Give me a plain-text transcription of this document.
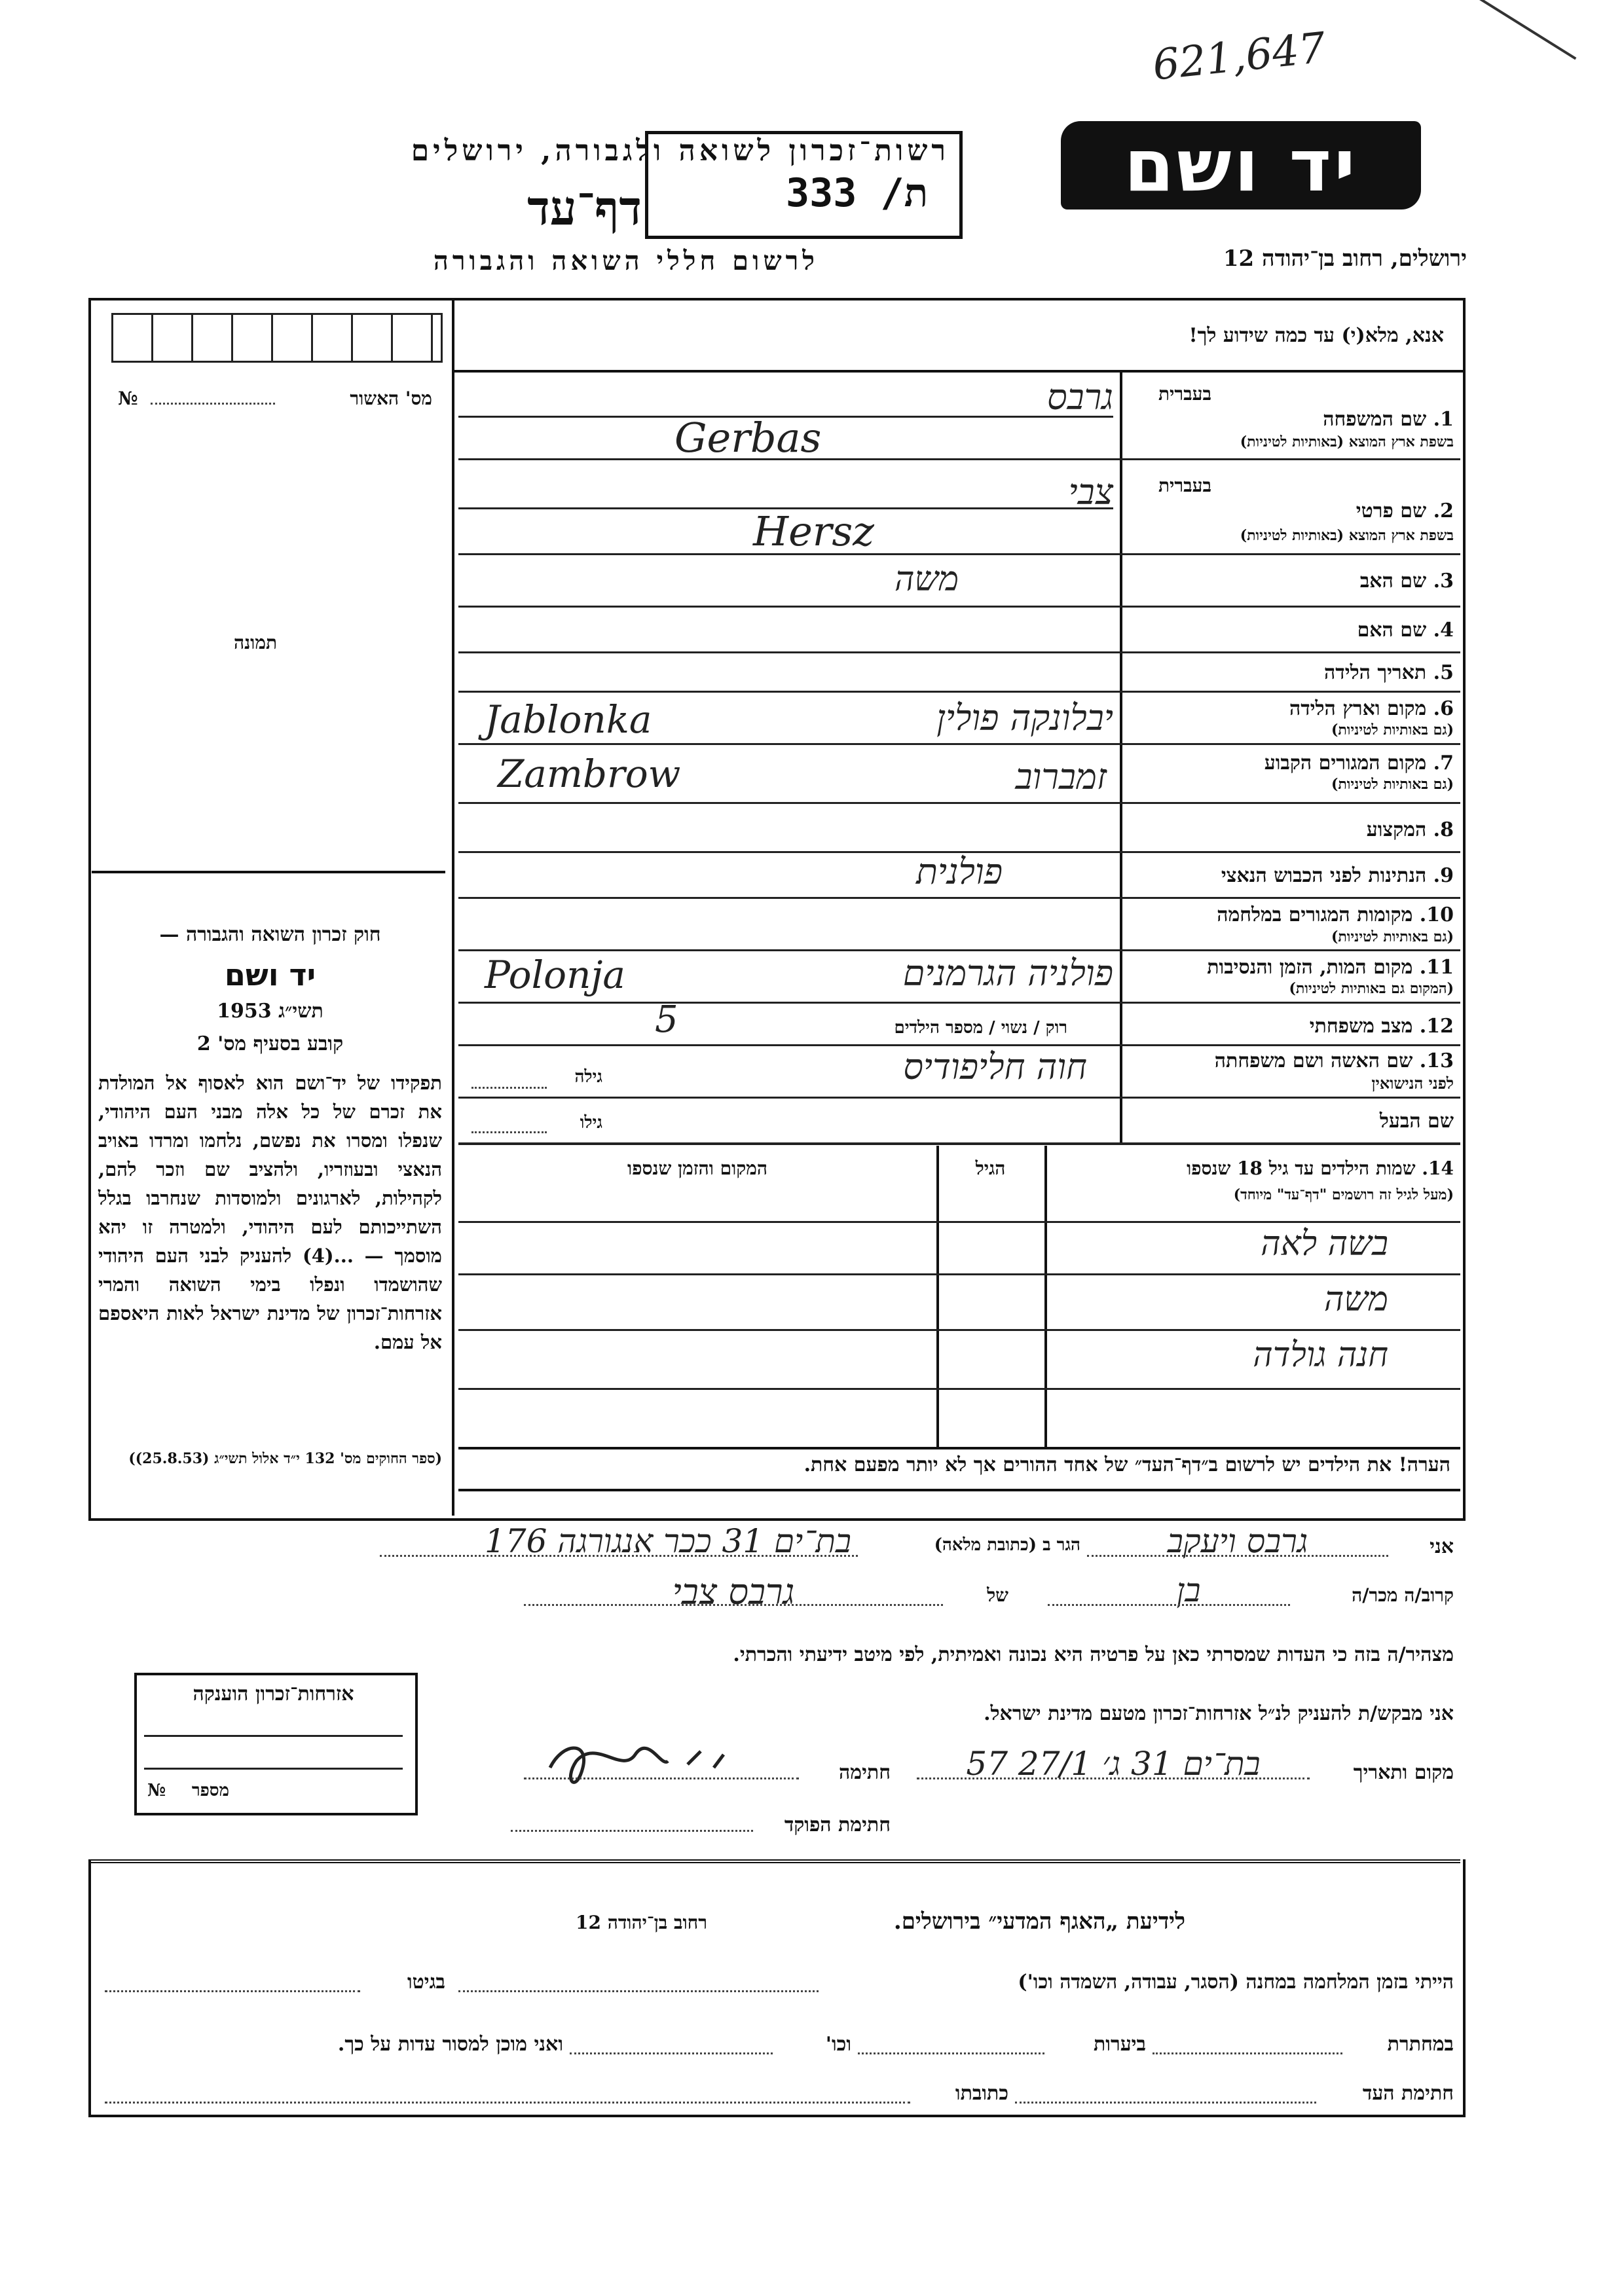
621,647
יד ושם
רשות־זכרון לשואה ולגבורה, ירושלים
דף־עד	333 /ת
לרשום חללי השואה והגבורה	ירושלים, רחוב בן־יהודה 12
אנא, מלא(י) עד כמה שידוע לך!
מס' האשור
№
תמונה
חוק זכרון השואה והגבורה —
יד ושם
תשי״ג 1953
קובע בסעיף מס' 2
תפקידו של יד־ושם הוא לאסוף אל המולדת את זכרם של כל אלה מבני העם היהודי, שנפלו ומסרו את נפשם, נלחמו ומרדו באויב הנאצי ובעוזריו, ולהציב שם וזכר להם, לקהילות, לארגונים ולמוסדות שנחרבו בגלל השתייכותם לעם היהודי, ולמטרה זו יהא מוסמך — ...(4) להעניק לבני העם היהודי שהושמדו ונפלו בימי השואה והמרי אזרחות־זכרון של מדינת ישראל לאות היאספם אל עמם.
(ספר החוקים מס' 132 י״ד אלול תשי״ג (25.8.53))
בעברית
1. שם המשפחה
בשפת ארץ המוצא (באותיות לטיניות)
גרבס
Gerbas
בעברית
2. שם פרטי
בשפת ארץ המוצא (באותיות לטיניות)
צבי
Hersz
3. שם האב
משה
4. שם האם
5. תאריך הלידה
6. מקום וארץ הלידה
(גם באותיות לטיניות)
יבלונקה פולין
Jablonka
7. מקום המגורים הקבוע
(גם באותיות לטיניות)
זמברוב
Zambrow
8. המקצוע
9. הנתינות לפני הכבוש הנאצי
פולנית
10. מקומות המגורים במלחמה
(גם באותיות לטיניות)
11. מקום המות, הזמן והנסיבות
(המקום גם באותיות לטיניות)
פולניה הגרמנים
Polonja
12. מצב משפחתי
רוק / נשוי / מספר הילדים
5
13. שם האשה ושם משפחתה
לפני הנישואין
חוה חליפודיס
גילה
שם הבעל
גילו
14. שמות הילדים עד גיל 18 שנספו
(מעל לגיל זה רושמים "דף־עד" מיוחד)
הגיל
המקום והזמן שנספו
בשה לאה
משה
חנה גולדה
הערה! את הילדים יש לרשום ב״דף־העד״ של אחד ההורים אך לא יותר מפעם אחת.
אני
גרבס ויעקב
הגר ב (כתובת מלאה)
בת־ים 31 ככר אנגורגה 176
קרוב/ה מכר/ה
בן
של
גרבס צבי
מצהיר/ה בזה כי העדות שמסרתי כאן על פרטיה היא נכונה ואמיתית, לפי מיטב ידיעתי והכרתי.
אני מבקש/ת להעניק לנ״ל אזרחות־זכרון מטעם מדינת ישראל.
מקום ותאריך
בת־ים 31 ג׳ 27/1 57
חתימה
חתימת הפוקד
אזרחות־זכרון הוענקה
מספר
№
לידיעת „האגף המדעי״ בירושלים.
רחוב בן־יהודה 12
הייתי בזמן המלחמה במחנה (הסגר, עבודה, השמדה וכו')
בגיטו
במחתרת
ביערות
וכו'
ואני מוכן למסור עדות על כך.
חתימת העד
כתובתו
